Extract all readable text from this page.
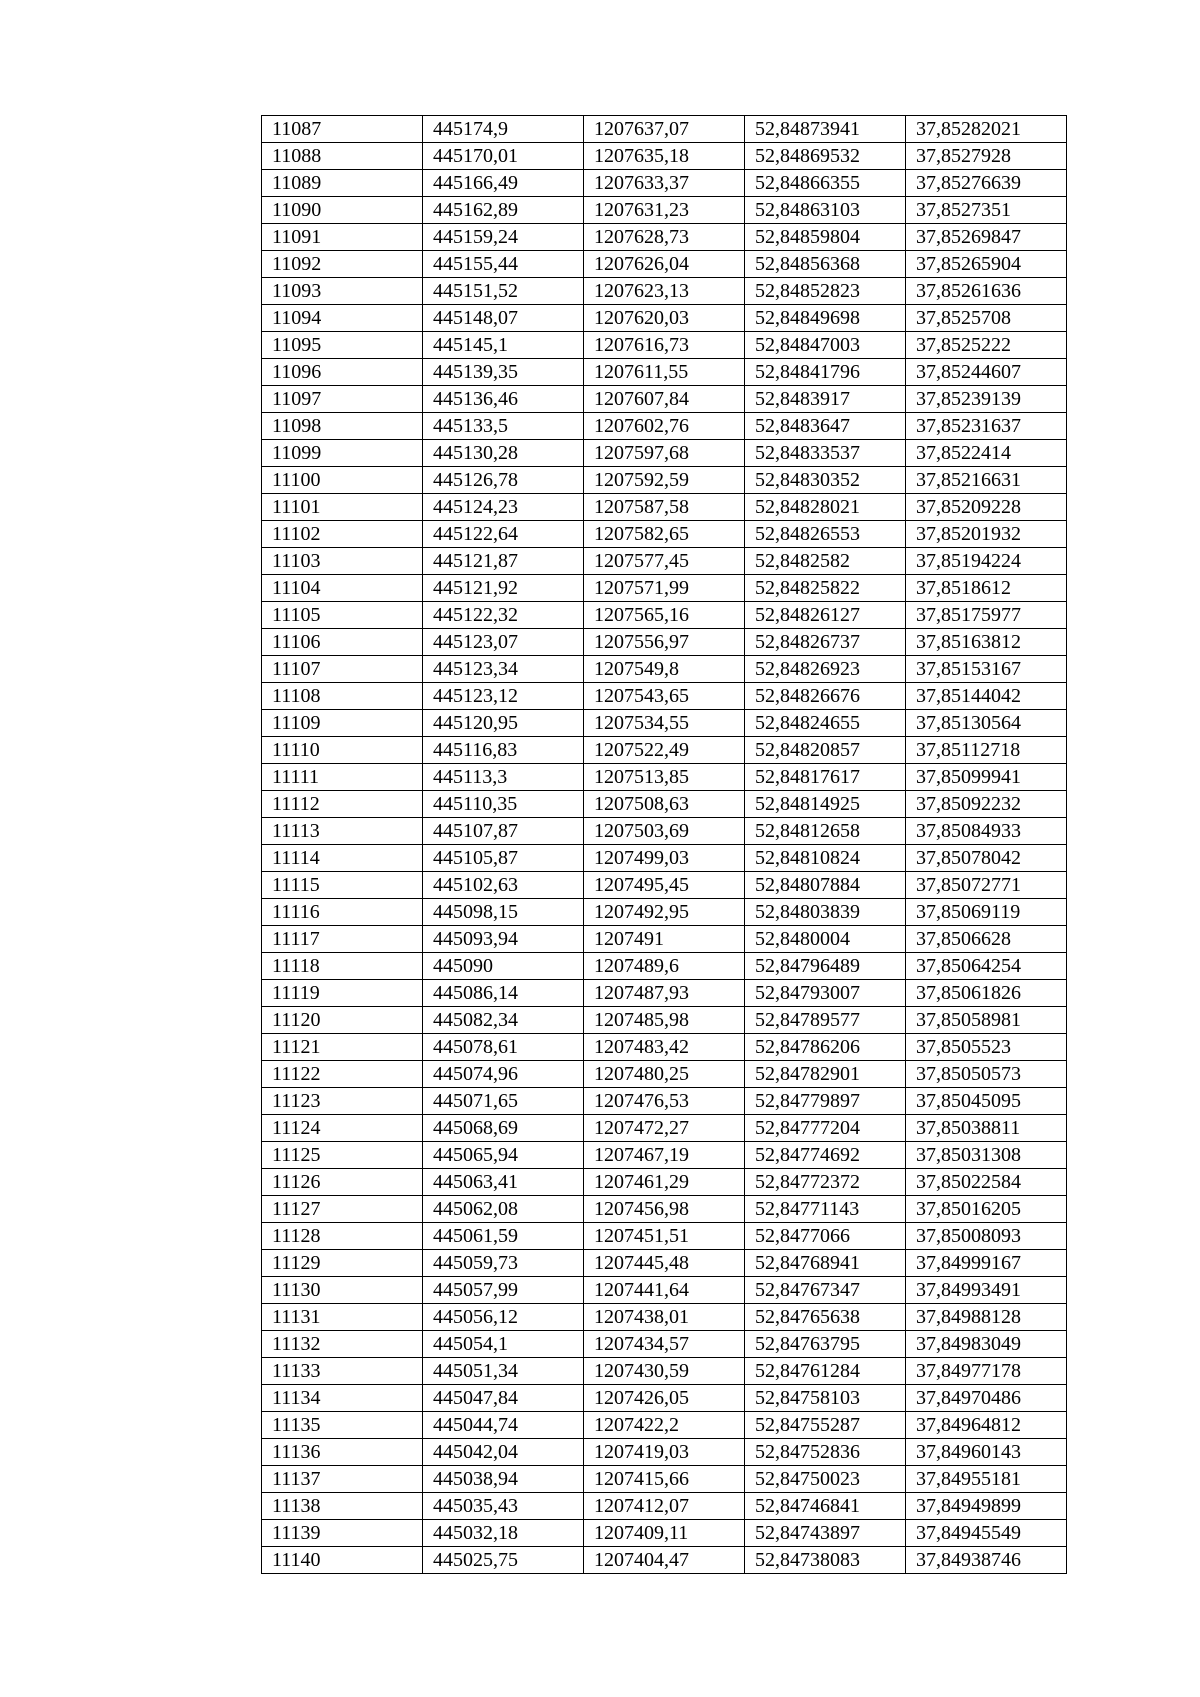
11087	445174,9	1207637,07	52,84873941	37,85282021
11088	445170,01	1207635,18	52,84869532	37,8527928
11089	445166,49	1207633,37	52,84866355	37,85276639
11090	445162,89	1207631,23	52,84863103	37,8527351
11091	445159,24	1207628,73	52,84859804	37,85269847
11092	445155,44	1207626,04	52,84856368	37,85265904
11093	445151,52	1207623,13	52,84852823	37,85261636
11094	445148,07	1207620,03	52,84849698	37,8525708
11095	445145,1	1207616,73	52,84847003	37,8525222
11096	445139,35	1207611,55	52,84841796	37,85244607
11097	445136,46	1207607,84	52,8483917	37,85239139
11098	445133,5	1207602,76	52,8483647	37,85231637
11099	445130,28	1207597,68	52,84833537	37,8522414
11100	445126,78	1207592,59	52,84830352	37,85216631
11101	445124,23	1207587,58	52,84828021	37,85209228
11102	445122,64	1207582,65	52,84826553	37,85201932
11103	445121,87	1207577,45	52,8482582	37,85194224
11104	445121,92	1207571,99	52,84825822	37,8518612
11105	445122,32	1207565,16	52,84826127	37,85175977
11106	445123,07	1207556,97	52,84826737	37,85163812
11107	445123,34	1207549,8	52,84826923	37,85153167
11108	445123,12	1207543,65	52,84826676	37,85144042
11109	445120,95	1207534,55	52,84824655	37,85130564
11110	445116,83	1207522,49	52,84820857	37,85112718
11111	445113,3	1207513,85	52,84817617	37,85099941
11112	445110,35	1207508,63	52,84814925	37,85092232
11113	445107,87	1207503,69	52,84812658	37,85084933
11114	445105,87	1207499,03	52,84810824	37,85078042
11115	445102,63	1207495,45	52,84807884	37,85072771
11116	445098,15	1207492,95	52,84803839	37,85069119
11117	445093,94	1207491	52,8480004	37,8506628
11118	445090	1207489,6	52,84796489	37,85064254
11119	445086,14	1207487,93	52,84793007	37,85061826
11120	445082,34	1207485,98	52,84789577	37,85058981
11121	445078,61	1207483,42	52,84786206	37,8505523
11122	445074,96	1207480,25	52,84782901	37,85050573
11123	445071,65	1207476,53	52,84779897	37,85045095
11124	445068,69	1207472,27	52,84777204	37,85038811
11125	445065,94	1207467,19	52,84774692	37,85031308
11126	445063,41	1207461,29	52,84772372	37,85022584
11127	445062,08	1207456,98	52,84771143	37,85016205
11128	445061,59	1207451,51	52,8477066	37,85008093
11129	445059,73	1207445,48	52,84768941	37,84999167
11130	445057,99	1207441,64	52,84767347	37,84993491
11131	445056,12	1207438,01	52,84765638	37,84988128
11132	445054,1	1207434,57	52,84763795	37,84983049
11133	445051,34	1207430,59	52,84761284	37,84977178
11134	445047,84	1207426,05	52,84758103	37,84970486
11135	445044,74	1207422,2	52,84755287	37,84964812
11136	445042,04	1207419,03	52,84752836	37,84960143
11137	445038,94	1207415,66	52,84750023	37,84955181
11138	445035,43	1207412,07	52,84746841	37,84949899
11139	445032,18	1207409,11	52,84743897	37,84945549
11140	445025,75	1207404,47	52,84738083	37,84938746
